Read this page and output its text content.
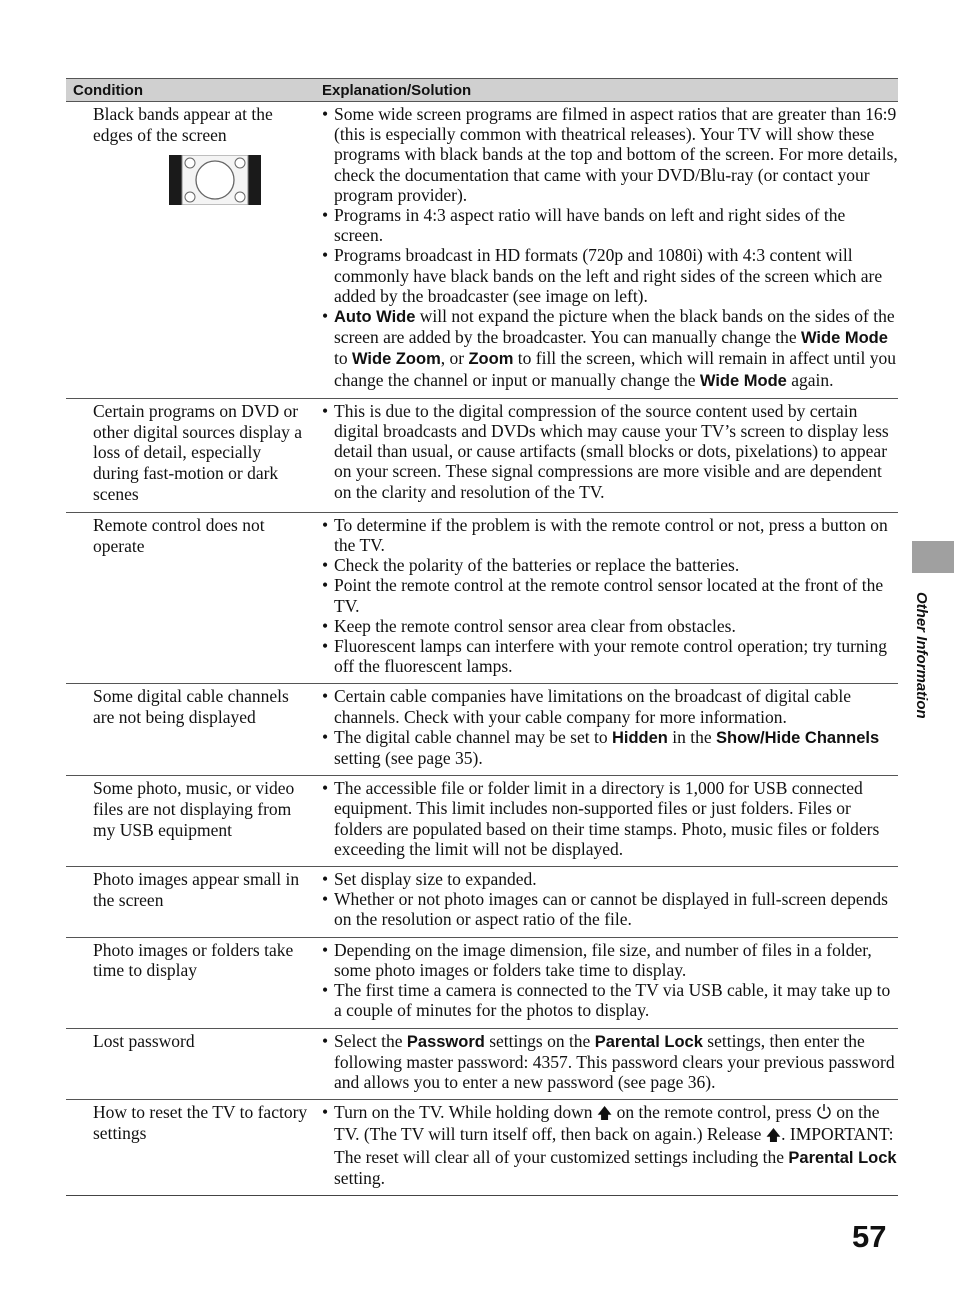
Condition	Explanation/Solution
Black bands appear at the edges of the screen
• Some wide screen programs are filmed in aspect ratios that are greater than 16:9 (this is especially common with theatrical releases). Your TV will show these programs with black bands at the top and bottom of the screen. For more details, check the documentation that came with your DVD/Blu-ray (or contact your program provider).
• Programs in 4:3 aspect ratio will have bands on left and right sides of the screen.
• Programs broadcast in HD formats (720p and 1080i) with 4:3 content will commonly have black bands on the left and right sides of the screen which are added by the broadcaster (see image on left).
• Auto Wide will not expand the picture when the black bands on the sides of the screen are added by the broadcaster. You can manually change the Wide Mode to Wide Zoom, or Zoom to fill the screen, which will remain in affect until you change the channel or input or manually change the Wide Mode again.
Certain programs on DVD or other digital sources display a loss of detail, especially during fast-motion or dark scenes
• This is due to the digital compression of the source content used by certain digital broadcasts and DVDs which may cause your TV’s screen to display less detail than usual, or cause artifacts (small blocks or dots, pixelations) to appear on your screen. These signal compressions are more visible and are dependent on the clarity and resolution of the TV.
Remote control does not operate
• To determine if the problem is with the remote control or not, press a button on the TV.
• Check the polarity of the batteries or replace the batteries.
• Point the remote control at the remote control sensor located at the front of the TV.
• Keep the remote control sensor area clear from obstacles.
• Fluorescent lamps can interfere with your remote control operation; try turning off the fluorescent lamps.
Some digital cable channels are not being displayed
• Certain cable companies have limitations on the broadcast of digital cable channels. Check with your cable company for more information.
• The digital cable channel may be set to Hidden in the Show/Hide Channels setting (see page 35).
Some photo, music, or video files are not displaying from my USB equipment
• The accessible file or folder limit in a directory is 1,000 for USB connected equipment. This limit includes non-supported files or just folders. Files or folders are populated based on their time stamps. Photo, music files or folders exceeding the limit will not be displayed.
Photo images appear small in the screen
• Set display size to expanded.
• Whether or not photo images can or cannot be displayed in full-screen depends on the resolution or aspect ratio of the file.
Photo images or folders take time to display
• Depending on the image dimension, file size, and number of files in a folder, some photo images or folders take time to display.
• The first time a camera is connected to the TV via USB cable, it may take up to a couple of minutes for the photos to display.
Lost password	• Select the Password settings on the Parental Lock settings, then enter the following master password: 4357. This password clears your previous password and allows you to enter a new password (see page 36).
How to reset the TV to factory settings
• Turn on the TV. While holding down 🡅 on the remote control, press  on the TV. (The TV will turn itself off, then back on again.) Release 🡅. IMPORTANT: The reset will clear all of your customized settings including the Parental Lock setting.
Other Information
57
